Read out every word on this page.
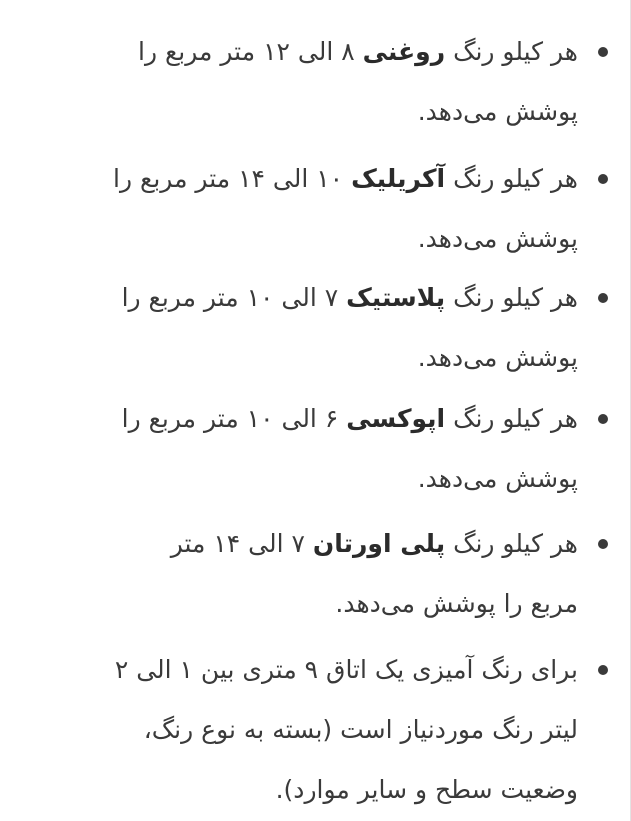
هر کیلو رنگ روغنی ۸ الی ۱۲ متر مربع را پوشش می‌دهد.
هر کیلو رنگ آکریلیک ۱۰ الی ۱۴ متر مربع را پوشش می‌دهد.
هر کیلو رنگ پلاستیک ۷ الی ۱۰ متر مربع را پوشش می‌دهد.
هر کیلو رنگ اپوکسی ۶ الی ۱۰ متر مربع را پوشش می‌دهد.
هر کیلو رنگ پلی اورتان ۷ الی ۱۴ متر مربع را پوشش می‌دهد.
برای رنگ آمیزی یک اتاق ۹ متری بین ۱ الی ۲ لیتر رنگ موردنیاز است (بسته به نوع رنگ، وضعیت سطح و سایر موارد).
